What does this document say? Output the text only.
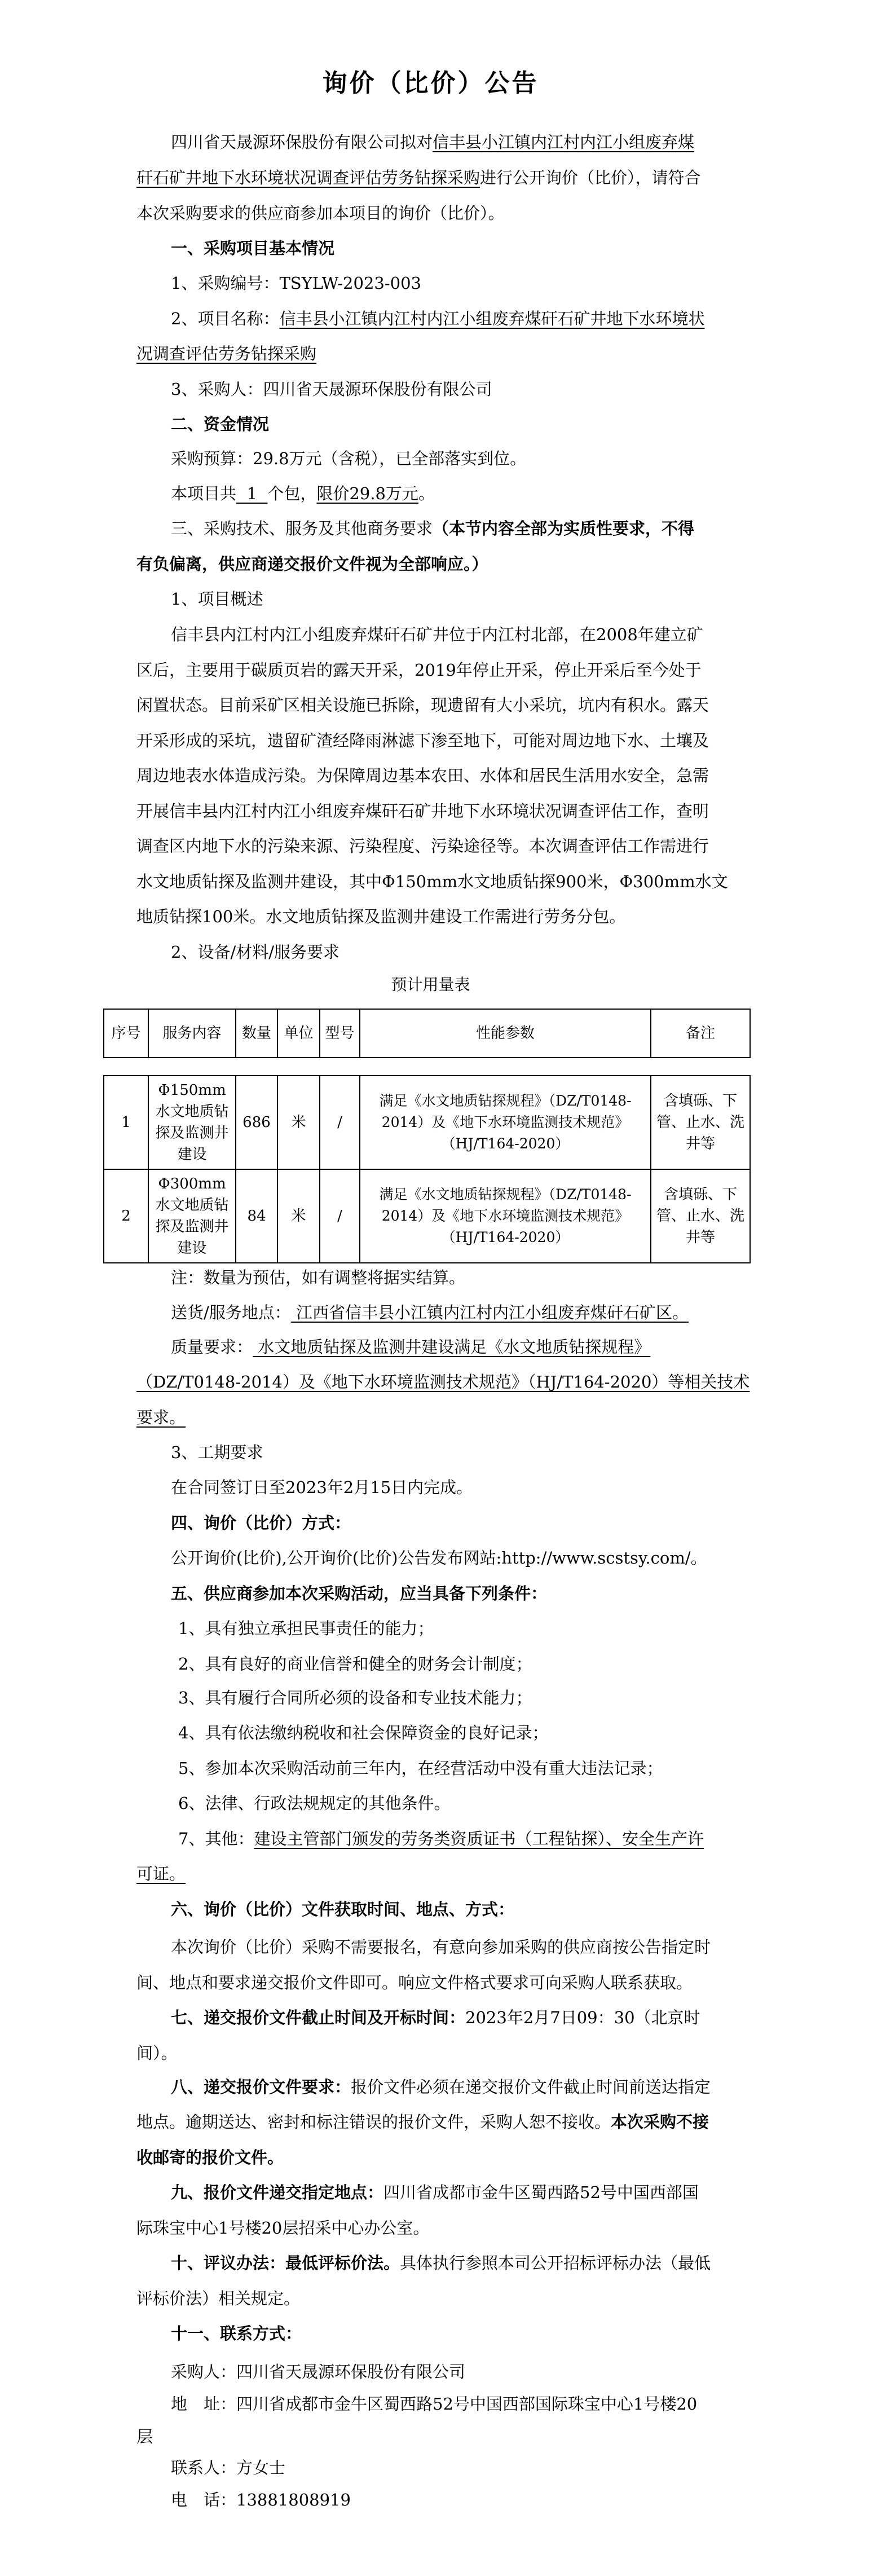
询价（比价）公告
四川省天晟源环保股份有限公司拟对信丰县小江镇内江村内江小组废弃煤
矸石矿井地下水环境状况调查评估劳务钻探采购进行公开询价（比价），请符合
本次采购要求的供应商参加本项目的询价（比价）。
一、采购项目基本情况
1、采购编号：TSYLW-2023-003
2、项目名称：信丰县小江镇内江村内江小组废弃煤矸石矿井地下水环境状
况调查评估劳务钻探采购
3、采购人：四川省天晟源环保股份有限公司
二、资金情况
采购预算：29.8万元（含税），已全部落实到位。
本项目共  1  个包，限价29.8万元。
三、采购技术、服务及其他商务要求（本节内容全部为实质性要求，不得
有负偏离，供应商递交报价文件视为全部响应。）
1、项目概述
信丰县内江村内江小组废弃煤矸石矿井位于内江村北部，在2008年建立矿
区后，主要用于碳质页岩的露天开采，2019年停止开采，停止开采后至今处于
闲置状态。目前采矿区相关设施已拆除，现遗留有大小采坑，坑内有积水。露天
开采形成的采坑，遗留矿渣经降雨淋滤下渗至地下，可能对周边地下水、土壤及
周边地表水体造成污染。为保障周边基本农田、水体和居民生活用水安全，急需
开展信丰县内江村内江小组废弃煤矸石矿井地下水环境状况调查评估工作，查明
调查区内地下水的污染来源、污染程度、污染途径等。本次调查评估工作需进行
水文地质钻探及监测井建设，其中Φ150mm水文地质钻探900米，Φ300mm水文
地质钻探100米。水文地质钻探及监测井建设工作需进行劳务分包。
2、设备/材料/服务要求
预计用量表
序号	服务内容	数量	单位	型号	性能参数	备注
1	Φ150mm水文地质钻探及监测井建设	686	米	/	满足《水文地质钻探规程》（DZ/T0148-2014）及《地下水环境监测技术规范》（HJ/T164-2020）	含填砾、下管、止水、洗井等
2	Φ300mm水文地质钻探及监测井建设	84	米	/	满足《水文地质钻探规程》（DZ/T0148-2014）及《地下水环境监测技术规范》（HJ/T164-2020）	含填砾、下管、止水、洗井等
注：数量为预估，如有调整将据实结算。
送货/服务地点： 江西省信丰县小江镇内江村内江小组废弃煤矸石矿区。
质量要求： 水文地质钻探及监测井建设满足《水文地质钻探规程》
（DZ/T0148-2014）及《地下水环境监测技术规范》（HJ/T164-2020）等相关技术
要求。
3、工期要求
在合同签订日至2023年2月15日内完成。
四、询价（比价）方式：
公开询价(比价),公开询价(比价)公告发布网站:http://www.scstsy.com/。
五、供应商参加本次采购活动，应当具备下列条件：
1、具有独立承担民事责任的能力；
2、具有良好的商业信誉和健全的财务会计制度；
3、具有履行合同所必须的设备和专业技术能力；
4、具有依法缴纳税收和社会保障资金的良好记录；
5、参加本次采购活动前三年内，在经营活动中没有重大违法记录；
6、法律、行政法规规定的其他条件。
7、其他：建设主管部门颁发的劳务类资质证书（工程钻探）、安全生产许
可证。
六、询价（比价）文件获取时间、地点、方式：
本次询价（比价）采购不需要报名，有意向参加采购的供应商按公告指定时
间、地点和要求递交报价文件即可。响应文件格式要求可向采购人联系获取。
七、递交报价文件截止时间及开标时间：2023年2月7日09：30（北京时
间）。
八、递交报价文件要求：报价文件必须在递交报价文件截止时间前送达指定
地点。逾期送达、密封和标注错误的报价文件，采购人恕不接收。本次采购不接
收邮寄的报价文件。
九、报价文件递交指定地点：四川省成都市金牛区蜀西路52号中国西部国
际珠宝中心1号楼20层招采中心办公室。
十、评议办法：最低评标价法。具体执行参照本司公开招标评标办法（最低
评标价法）相关规定。
十一、联系方式：
采购人：四川省天晟源环保股份有限公司
地　址：四川省成都市金牛区蜀西路52号中国西部国际珠宝中心1号楼20
层
联系人：方女士
电　话：13881808919
